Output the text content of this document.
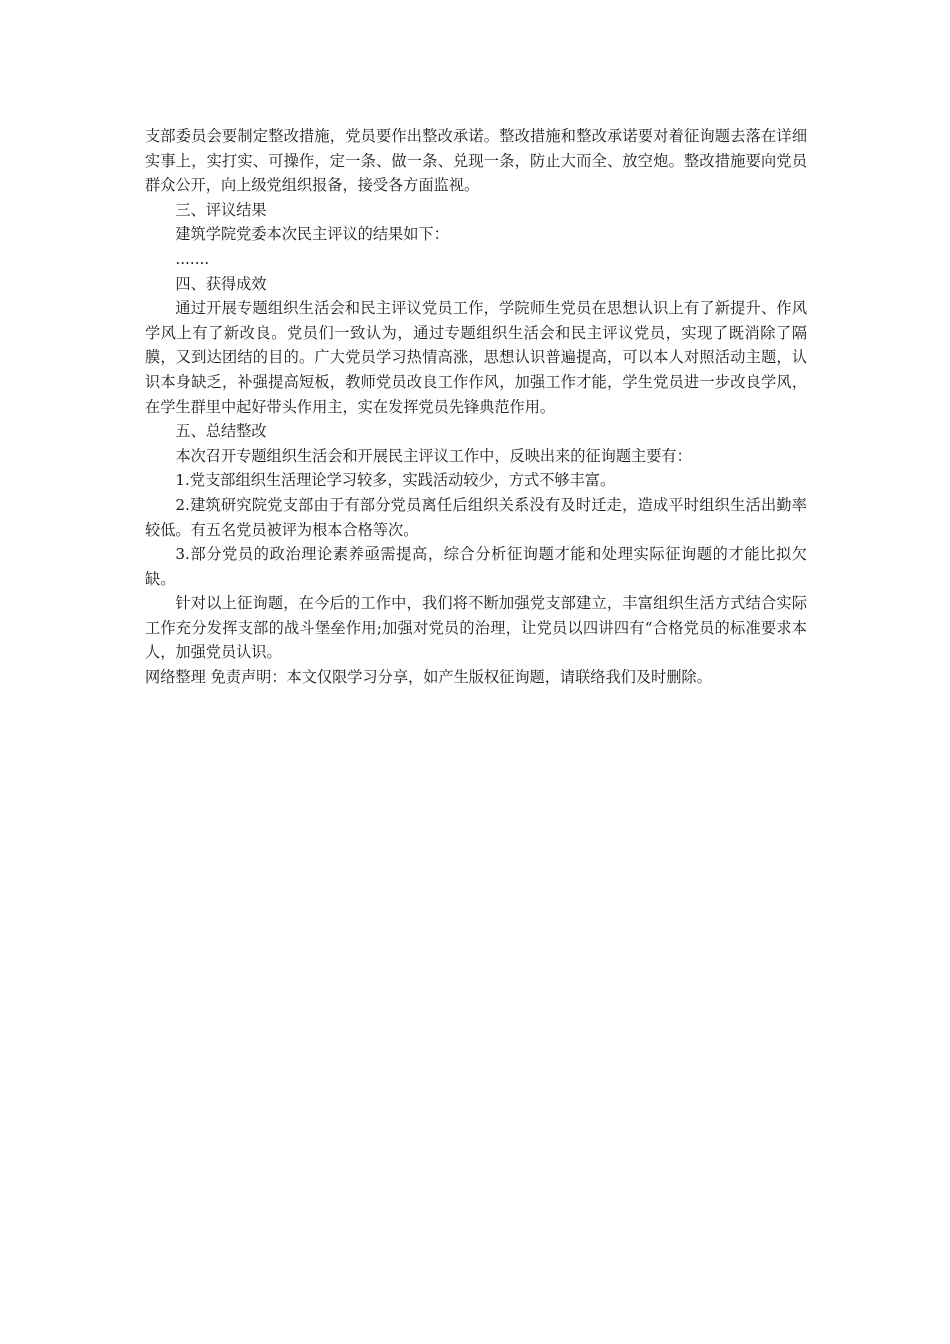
支部委员会要制定整改措施，党员要作出整改承诺。整改措施和整改承诺要对着征询题去落在详细实事上，实打实、可操作，定一条、做一条、兑现一条，防止大而全、放空炮。整改措施要向党员群众公开，向上级党组织报备，接受各方面监视。

三、评议结果

建筑学院党委本次民主评议的结果如下：

.......

四、获得成效

通过开展专题组织生活会和民主评议党员工作，学院师生党员在思想认识上有了新提升、作风学风上有了新改良。党员们一致认为，通过专题组织生活会和民主评议党员，实现了既消除了隔膜，又到达团结的目的。广大党员学习热情高涨，思想认识普遍提高，可以本人对照活动主题，认识本身缺乏，补强提高短板，教师党员改良工作作风，加强工作才能，学生党员进一步改良学风，在学生群里中起好带头作用主，实在发挥党员先锋典范作用。

五、总结整改

本次召开专题组织生活会和开展民主评议工作中，反映出来的征询题主要有：

1.党支部组织生活理论学习较多，实践活动较少，方式不够丰富。

2.建筑研究院党支部由于有部分党员离任后组织关系没有及时迁走，造成平时组织生活出勤率较低。有五名党员被评为根本合格等次。

3.部分党员的政治理论素养亟需提高，综合分析征询题才能和处理实际征询题的才能比拟欠缺。

针对以上征询题，在今后的工作中，我们将不断加强党支部建立，丰富组织生活方式结合实际工作充分发挥支部的战斗堡垒作用;加强对党员的治理，让党员以四讲四有“合格党员的标准要求本人，加强党员认识。

网络整理 免责声明：本文仅限学习分享，如产生版权征询题，请联络我们及时删除。
